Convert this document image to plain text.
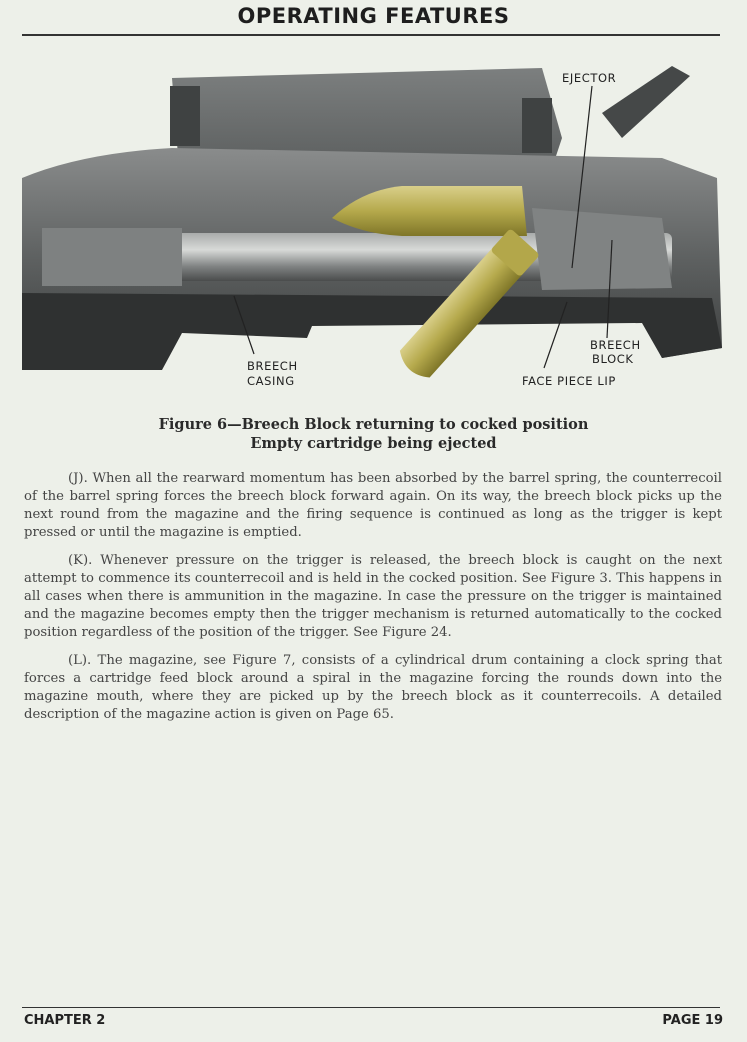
OPERATING FEATURES
EJECTOR
BREECH
CASING
BREECH
BLOCK
FACE PIECE LIP
Figure 6—Breech Block returning to cocked position
Empty cartridge being ejected

(J). When all the rearward momentum has been absorbed by the barrel spring, the counterrecoil of the barrel spring forces the breech block forward again. On its way, the breech block picks up the next round from the magazine and the firing sequence is continued as long as the trigger is kept pressed or until the magazine is emptied.

(K). Whenever pressure on the trigger is released, the breech block is caught on the next attempt to commence its counterrecoil and is held in the cocked position. See Figure 3. This happens in all cases when there is ammunition in the magazine. In case the pressure on the trigger is maintained and the magazine becomes empty then the trigger mechanism is returned automatically to the cocked position regardless of the position of the trigger. See Figure 24.

(L). The magazine, see Figure 7, consists of a cylindrical drum containing a clock spring that forces a cartridge feed block around a spiral in the magazine forcing the rounds down into the magazine mouth, where they are picked up by the breech block as it counterrecoils. A detailed description of the magazine action is given on Page 65.

CHAPTER 2	PAGE 19
